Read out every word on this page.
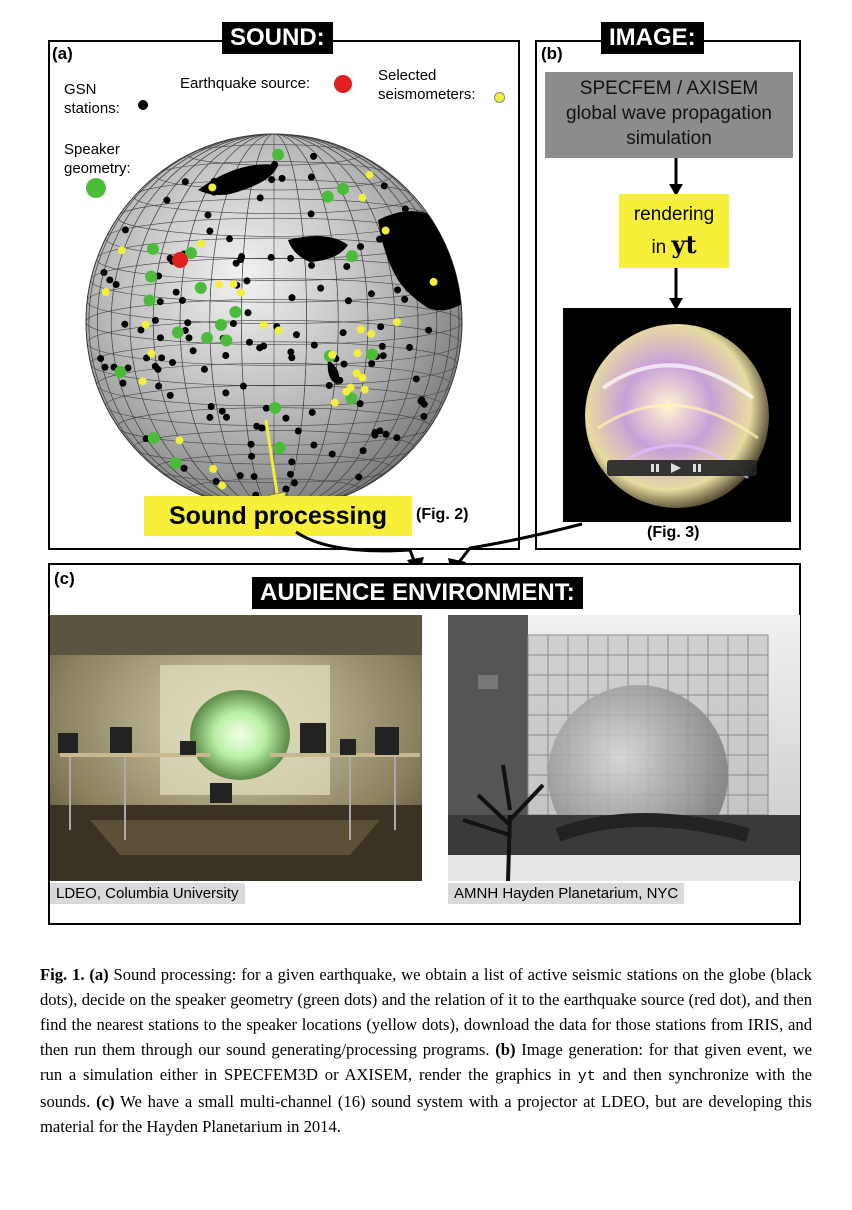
(a)
GSN
stations:
Earthquake source:	Selected
seismometers:
Speaker
geometry:
Sound processing	(Fig. 2)
SOUND:
(b)
SPECFEM / AXISEM
global wave propagation
simulation
rendering
in yt
(Fig. 3)
IMAGE:
(c)
AUDIENCE ENVIRONMENT:
LDEO, Columbia University	AMNH Hayden Planetarium, NYC
Fig. 1. (a) Sound processing: for a given earthquake, we obtain a list of active seismic stations on the globe (black dots), decide on the speaker geometry (green dots) and the relation of it to the earthquake source (red dot), and then find the nearest stations to the speaker locations (yellow dots), download the data for those stations from IRIS, and then run them through our sound generating/processing programs. (b) Image generation: for that given event, we run a simulation either in SPECFEM3D or AXISEM, render the graphics in yt and then synchronize with the sounds. (c) We have a small multi-channel (16) sound system with a projector at LDEO, but are developing this material for the Hayden Planetarium in 2014.
